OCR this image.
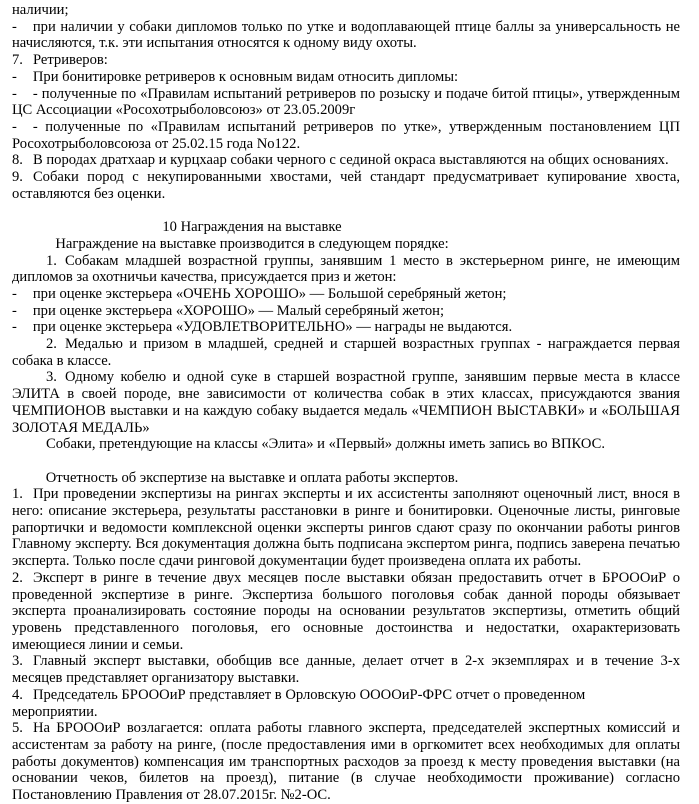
наличии;
- при наличии у собаки дипломов только по утке и водоплавающей птице баллы за универсальность не начисляются, т.к. эти испытания относятся к одному виду охоты.
7. Ретриверов:
- При бонитировке ретриверов к основным видам относить дипломы:
- - полученные по «Правилам испытаний ретриверов по розыску и подаче битой птицы», утвержденным ЦС Ассоциации «Росохотрыболовсоюз» от 23.05.2009г
- - полученные по «Правилам испытаний ретриверов по утке», утвержденным постановлением ЦП Росохотрыболовсоюза от 25.02.15 года No122.
8. В породах дратхаар и курцхаар собаки черного с сединой окраса выставляются на общих основаниях.
9. Собаки пород с некупированными хвостами, чей стандарт предусматривает купирование хвоста, оставляются без оценки.
10 Награждения на выставке
Награждение на выставке производится в следующем порядке:
1. Собакам младшей возрастной группы, занявшим 1 место в экстерьерном ринге, не имеющим дипломов за охотничьи качества, присуждается приз и жетон:
- при оценке экстерьера «ОЧЕНЬ ХОРОШО» — Большой серебряный жетон;
- при оценке экстерьера «ХОРОШО» — Малый серебряный жетон;
- при оценке экстерьера «УДОВЛЕТВОРИТЕЛЬНО» — награды не выдаются.
2. Медалью и призом в младшей, средней и старшей возрастных группах - награждается первая собака в классе.
3. Одному кобелю и одной суке в старшей возрастной группе, занявшим первые места в классе ЭЛИТА в своей породе, вне зависимости от количества собак в этих классах, присуждаются звания ЧЕМПИОНОВ выставки и на каждую собаку выдается медаль «ЧЕМПИОН ВЫСТАВКИ» и «БОЛЬШАЯ ЗОЛОТАЯ МЕДАЛЬ»
Собаки, претендующие на классы «Элита» и «Первый» должны иметь запись во ВПКОС.
Отчетность об экспертизе на выставке и оплата работы экспертов.
1. При проведении экспертизы на рингах эксперты и их ассистенты заполняют оценочный лист, внося в него: описание экстерьера, результаты расстановки в ринге и бонитировки. Оценочные листы, ринговые рапортички и ведомости комплексной оценки эксперты рингов сдают сразу по окончании работы рингов Главному эксперту. Вся документация должна быть подписана экспертом ринга, подпись заверена печатью эксперта. Только после сдачи ринговой документации будет произведена оплата их работы.
2. Эксперт в ринге в течение двух месяцев после выставки обязан предоставить отчет в БРОООиР о проведенной экспертизе в ринге. Экспертиза большого поголовья собак данной породы обязывает эксперта проанализировать состояние породы на основании результатов экспертизы, отметить общий уровень представленного поголовья, его основные достоинства и недостатки, охарактеризовать имеющиеся линии и семьи.
3. Главный эксперт выставки, обобщив все данные, делает отчет в 2-х экземплярах и в течение 3-х месяцев представляет организатору выставки.
4. Председатель БРОООиР представляет в Орловскую ООООиР-ФРС отчет о проведенном
мероприятии.
5. На БРОООиР возлагается: оплата работы главного эксперта, председателей экспертных комиссий и ассистентам за работу на ринге, (после предоставления ими в оргкомитет всех необходимых для оплаты работы документов) компенсация им транспортных расходов за проезд к месту проведения выставки (на основании чеков, билетов на проезд), питание (в случае необходимости проживание) согласно Постановлению Правления от 28.07.2015г. №2-ОС.
